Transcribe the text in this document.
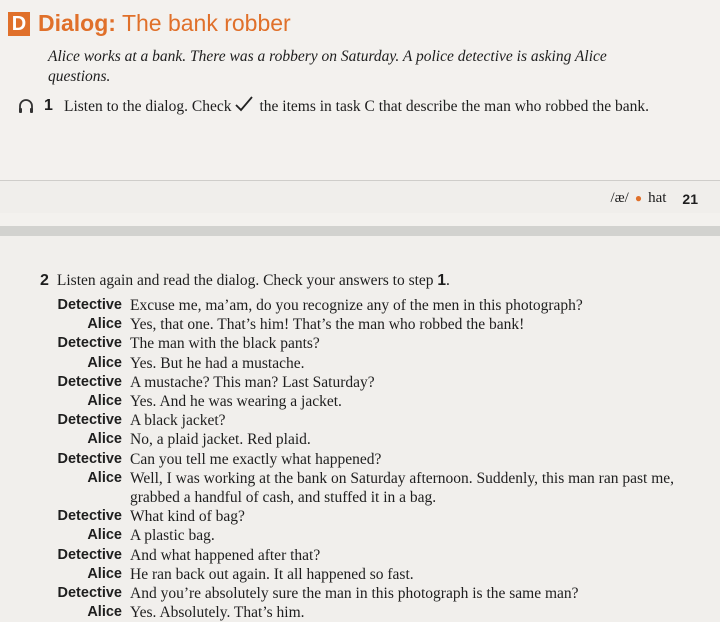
D Dialog: The bank robber
Alice works at a bank. There was a robbery on Saturday. A police detective is asking Alice questions.
1 Listen to the dialog. Check the items in task C that describe the man who robbed the bank.
/æ/ ● hat 21
2 Listen again and read the dialog. Check your answers to step 1.
Detective Excuse me, ma’am, do you recognize any of the men in this photograph?
Alice Yes, that one. That’s him! That’s the man who robbed the bank!
Detective The man with the black pants?
Alice Yes. But he had a mustache.
Detective A mustache? This man? Last Saturday?
Alice Yes. And he was wearing a jacket.
Detective A black jacket?
Alice No, a plaid jacket. Red plaid.
Detective Can you tell me exactly what happened?
Alice Well, I was working at the bank on Saturday afternoon. Suddenly, this man ran past me, grabbed a handful of cash, and stuffed it in a bag.
Detective What kind of bag?
Alice A plastic bag.
Detective And what happened after that?
Alice He ran back out again. It all happened so fast.
Detective And you’re absolutely sure the man in this photograph is the same man?
Alice Yes. Absolutely. That’s him.
